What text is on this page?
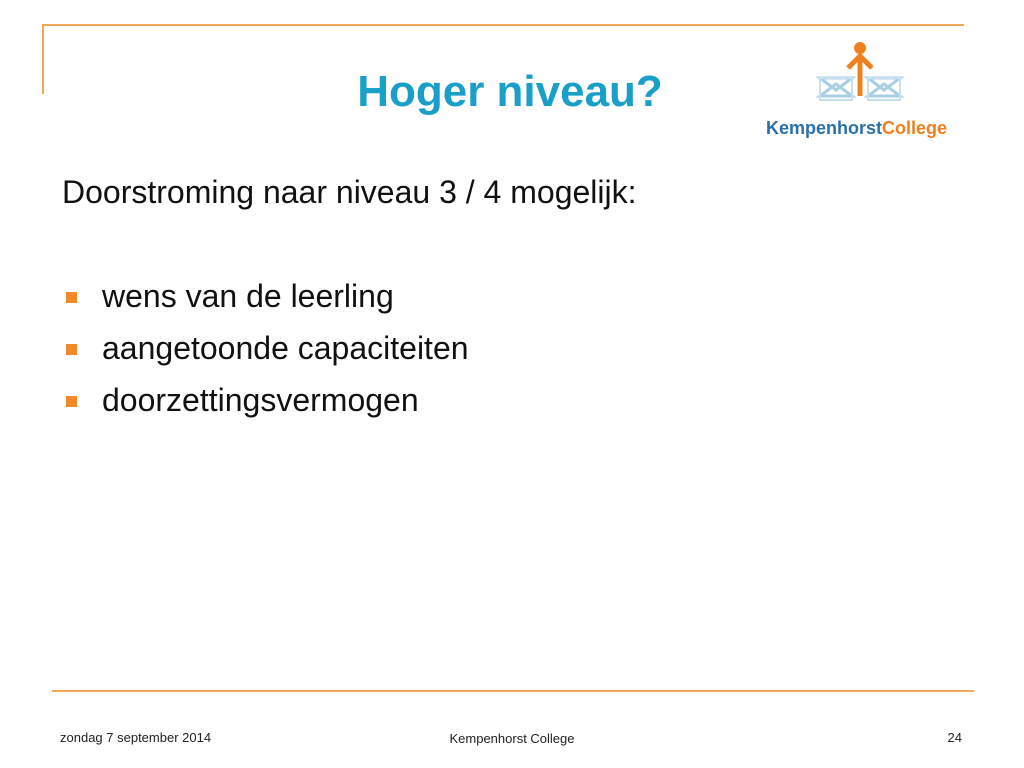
Hoger niveau?
KempenhorstCollege
Doorstroming naar niveau 3 / 4 mogelijk:
wens van de leerling
aangetoonde capaciteiten
doorzettingsvermogen
zondag 7 september 2014	Kempenhorst College	24
